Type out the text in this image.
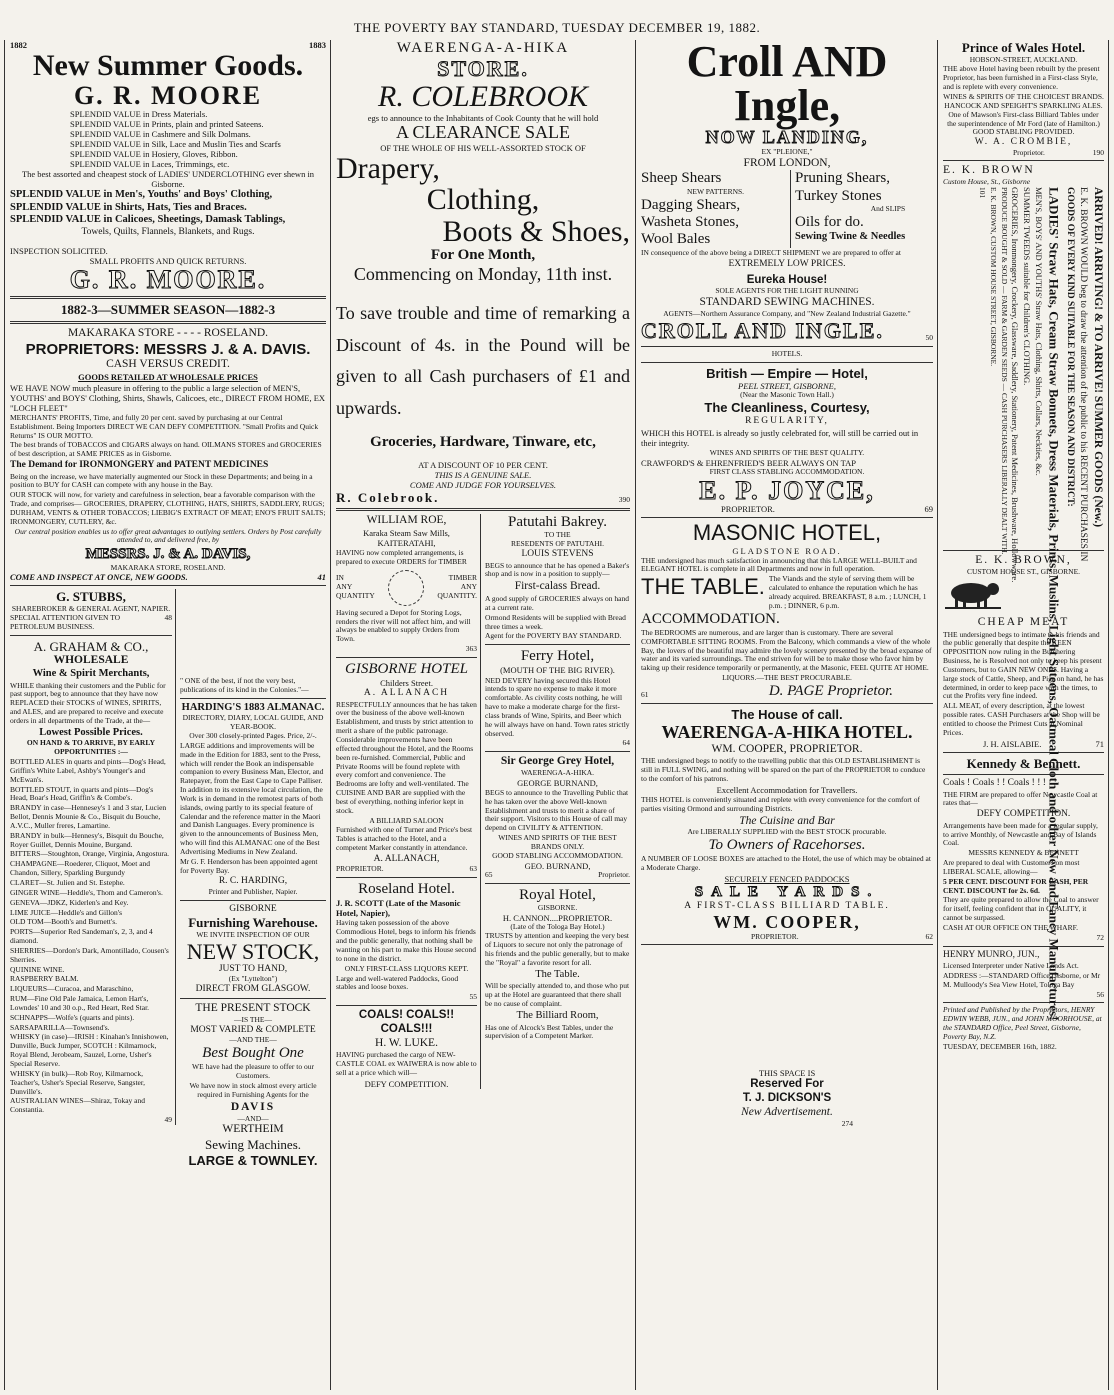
THE POVERTY BAY STANDARD, TUESDAY DECEMBER 19, 1882.
1882	1883
New Summer Goods.
G. R. MOORE
SPLENDID VALUE in Dress Materials.
SPLENDID VALUE in Prints, plain and printed Sateens.
SPLENDID VALUE in Cashmere and Silk Dolmans.
SPLENDID VALUE in Silk, Lace and Muslin Ties and Scarfs
SPLENDID VALUE in Hosiery, Gloves, Ribbon.
SPLENDID VALUE in Laces, Trimmings, etc.
The best assorted and cheapest stock of LADIES' UNDERCLOTHING ever shewn in Gisborne.
SPLENDID VALUE in Men's, Youths' and Boys' Clothing,
SPLENDID VALUE in Shirts, Hats, Ties and Braces.
SPLENDID VALUE in Calicoes, Sheetings, Damask Tablings,
Towels, Quilts, Flannels, Blankets, and Rugs.
INSPECTION SOLICITED.
SMALL PROFITS AND QUICK RETURNS.
G. R. MOORE.
1882-3—SUMMER SEASON—1882-3
MAKARAKA STORE - - - - ROSELAND.
PROPRIETORS: MESSRS J. & A. DAVIS.
CASH VERSUS CREDIT.
GOODS RETAILED AT WHOLESALE PRICES
WE HAVE NOW much pleasure in offering to the public a large selection of MEN'S, YOUTHS' and BOYS' Clothing, Shirts, Shawls, Calicoes, etc., DIRECT FROM HOME, EX "LOCH FLEET"
MERCHANTS' PROFITS, Time, and fully 20 per cent. saved by purchasing at our Central Establishment. Being Importers DIRECT WE CAN DEFY COMPETITION. "Small Profits and Quick Returns" IS OUR MOTTO.
The best brands of TOBACCOS and CIGARS always on hand. OILMANS STORES and GROCERIES of best description, at SAME PRICES as in Gisborne.
The Demand for IRONMONGERY and PATENT MEDICINES
Being on the increase, we have materially augmented our Stock in these Departments; and being in a position to BUY for CASH can compete with any house in the Bay.
OUR STOCK will now, for variety and carefulness in selection, bear a favorable comparison with the Trade, and comprises— GROCERIES, DRAPERY, CLOTHING, HATS, SHIRTS, SADDLERY, RUGS; DURHAM, VENTS & OTHER TOBACCOS; LIEBIG'S EXTRACT OF MEAT; ENO'S FRUIT SALTS; IRONMONGERY, CUTLERY, &c.
Our central position enables us to offer great advantages to outlying settlers. Orders by Post carefully attended to, and delivered free, by
MESSRS. J. & A. DAVIS,
MAKARAKA STORE, ROSELAND.
COME AND INSPECT AT ONCE, NEW GOODS.	41
G. STUBBS,
SHAREBROKER & GENERAL AGENT, NAPIER.
SPECIAL ATTENTION GIVEN TO PETROLEUM BUSINESS.
48
A. GRAHAM & CO.,
WHOLESALE
Wine & Spirit Merchants,
WHILE thanking their customers and the Public for past support, beg to announce that they have now REPLACED their STOCKS of WINES, SPIRITS, and ALES, and are prepared to receive and execute orders in all departments of the Trade, at the—
Lowest Possible Prices.
ON HAND & TO ARRIVE, BY EARLY OPPORTUNITIES :—
BOTTLED ALES in quarts and pints—Dog's Head, Griffin's White Label, Ashby's Younger's and McEwan's.
BOTTLED STOUT, in quarts and pints—Dog's Head, Boar's Head, Griffin's & Combe's.
BRANDY in case—Hennesey's 1 and 3 star, Lucien Bellot, Dennis Mounie & Co., Bisquit du Bouche, A.V.C., Muller freres, Lamartine.
BRANDY in bulk—Hennesy's, Bisquit du Bouche, Royer Guillet, Dennis Mouine, Burgand.
BITTERS—Stoughton, Orange, Virginia, Angostura.
CHAMPAGNE—Roederer, Cliquot, Moet and Chandon, Sillery, Sparkling Burgundy
CLARET—St. Julien and St. Estephe.
GINGER WINE—Heddle's, Thom and Cameron's.
GENEVA—JDKZ, Kiderlen's and Key.
LIME JUICE—Heddle's and Gillon's
OLD TOM—Booth's and Burnett's.
PORTS—Superior Red Sandeman's, 2, 3, and 4 diamond.
SHERRIES—Dordon's Dark, Amontillado, Cousen's Sherries.
QUININE WINE.
RASPBERRY BALM.
LIQUEURS—Curacoa, and Maraschino,
RUM—Fine Old Pale Jamaica, Lemon Hart's, Lowndes' 10 and 30 o.p., Red Heart, Red Star.
SCHNAPPS—Wolfe's (quarts and pints).
SARSAPARILLA—Townsend's.
WHISKY (in case)—IRISH : Kinahan's Innishowen, Dunville, Buck Jumper, SCOTCH : Kilmarnock, Royal Blend, Jerobeam, Sauzel, Lorne, Usher's Special Reserve.
WHISKY (in bulk)—Rob Roy, Kilmarnock, Teacher's, Usher's Special Reserve, Sangster, Dunville's.
AUSTRALIAN WINES—Shiraz, Tokay and Constantia.
49
" ONE of the best, if not the very best, publications of its kind in the Colonies."—
HARDING'S 1883 ALMANAC.
DIRECTORY, DIARY, LOCAL GUIDE, AND YEAR-BOOK.
Over 300 closely-printed Pages. Price, 2/-.
LARGE additions and improvements will be made in the Edition for 1883, sent to the Press, which will render the Book an indispensable companion to every Business Man, Elector, and Ratepayer, from the East Cape to Cape Palliser. In addition to its extensive local circulation, the Work is in demand in the remotest parts of both islands, owing partly to its special feature of Calendar and the reference matter in the Maori and Danish Languages. Every prominence is given to the announcements of Business Men, who will find this ALMANAC one of the Best Advertising Mediums in New Zealand.
Mr G. F. Henderson has been appointed agent for Poverty Bay.
R. C. HARDING,
Printer and Publisher, Napier.
GISBORNE
Furnishing Warehouse.
WE INVITE INSPECTION OF OUR
NEW STOCK,
JUST TO HAND,
(Ex "Lyttelton")
DIRECT FROM GLASGOW.
THE PRESENT STOCK
—IS THE—
MOST VARIED & COMPLETE
—AND THE—
Best Bought One
WE have had the pleasure to offer to our Customers.
We have now in stock almost every article required in Furnishing Agents for the
DAVIS
—AND—
WERTHEIM
Sewing Machines.
LARGE & TOWNLEY.
WAERENGA-A-HIKA
STORE.
R. COLEBROOK
egs to announce to the Inhabitants of Cook County that he will hold
A CLEARANCE SALE
OF THE WHOLE OF HIS WELL-ASSORTED STOCK OF
Drapery,
Clothing,
Boots & Shoes,
For One Month,
Commencing on Monday, 11th inst.
To save trouble and time of remarking a Discount of 4s. in the Pound will be given to all Cash purchasers of £1 and upwards.
Groceries, Hardware, Tinware, etc,
AT A DISCOUNT OF 10 PER CENT.
THIS IS A GENUINE SALE.
COME AND JUDGE FOR YOURSELVES.
R. Colebrook.	390
WILLIAM ROE,
Karaka Steam Saw Mills, KAITERATAHI,
HAVING now completed arrangements, is prepared to execute ORDERS for TIMBER
IN
ANY
QUANTITY
TIMBER
ANY
QUANTITY.
Having secured a Depot for Storing Logs, renders the river will not affect him, and will always be enabled to supply Orders from Town.
363
GISBORNE HOTEL
Childers Street.
A. ALLANACH
RESPECTFULLY announces that he has taken over the business of the above well-known Establishment, and trusts by strict attention to merit a share of the public patronage. Considerable improvements have been effected throughout the Hotel, and the Rooms been re-furnished. Commercial, Public and Private Rooms will be found replete with every comfort and convenience. The Bedrooms are lofty and well-ventilated. The CUISINE AND BAR are supplied with the best of everything, nothing inferior kept in stock.
A BILLIARD SALOON
Furnished with one of Turner and Price's best Tables is attached to the Hotel, and a competent Marker constantly in attendance.
A. ALLANACH,
PROPRIETOR.	63
Roseland Hotel.
J. R. SCOTT (Late of the Masonic Hotel, Napier),
Having taken possession of the above Commodious Hotel, begs to inform his friends and the public generally, that nothing shall be wanting on his part to make this House second to none in the district.
ONLY FIRST-CLASS LIQUORS KEPT.
Large and well-watered Paddocks, Good stables and loose boxes.
55
COALS! COALS!! COALS!!!
H. W. LUKE.
HAVING purchased the cargo of NEW-CASTLE COAL ex WAIWERA is now able to sell at a price which will—
DEFY COMPETITION.
Patutahi Bakrey.
TO THE
RESEDENTS OF PATUTAHI.
LOUIS STEVENS
BEGS to announce that he has opened a Baker's shop and is now in a position to supply—
First-calass Bread.
A good supply of GROCERIES always on hand at a current rate.
Ormond Residents will be supplied with Bread three times a week.
Agent for the POVERTY BAY STANDARD.
Ferry Hotel,
(MOUTH OF THE BIG RIVER).
NED DEVERY having secured this Hotel intends to spare no expense to make it more comfortable. As civility costs nothing, he will have to make a moderate charge for the first-class brands of Wine, Spirits, and Beer which he will always have on hand. Town rates strictly observed.
64
Sir George Grey Hotel,
WAERENGA-A-HIKA.
GEORGE BURNAND,
BEGS to announce to the Travelling Public that he has taken over the above Well-known Establishment and trusts to merit a share of their support. Visitors to this House of call may depend on CIVILITY & ATTENTION.
WINES AND SPIRITS OF THE BEST BRANDS ONLY.
GOOD STABLING ACCOMMODATION.
GEO. BURNAND,
65	Proprietor.
Royal Hotel,
GISBORNE.
H. CANNON....PROPRIETOR.
(Late of the Tologa Bay Hotel.)
TRUSTS by attention and keeping the very best of Liquors to secure not only the patronage of his friends and the public generally, but to make the "Royal" a favorite resort for all.
The Table.
Will be specially attended to, and those who put up at the Hotel are guaranteed that there shall be no cause of complaint.
The Billiard Room,
Has one of Alcock's Best Tables, under the supervision of a Competent Marker.
Croll AND Ingle,
NOW LANDING,
EX "PLEIONE,"
FROM LONDON,
Sheep Shears
NEW PATTERNS.
Dagging Shears,
Washeta Stones,
Wool Bales
Pruning Shears,
Turkey Stones
And SLIPS
Oils for do.
Sewing Twine & Needles
IN consequence of the above being a DIRECT SHIPMENT we are prepared to offer at
EXTREMELY LOW PRICES.
Eureka House!
SOLE AGENTS FOR THE LIGHT RUNNING
STANDARD SEWING MACHINES.
AGENTS—Northern Assurance Company, and "New Zealand Industrial Gazette."
CROLL AND INGLE.	50
HOTELS.
British — Empire — Hotel,
PEEL STREET, GISBORNE,
(Near the Masonic Town Hall.)
The Cleanliness, Courtesy,
REGULARITY,
WHICH this HOTEL is already so justly celebrated for, will still be carried out in their integrity.
WINES AND SPIRITS OF THE BEST QUALITY.
CRAWFORD'S & EHRENFRIED'S BEER ALWAYS ON TAP
FIRST CLASS STABLING ACCOMMODATION.
E. P. JOYCE,
PROPRIETOR.	69
MASONIC HOTEL,
GLADSTONE ROAD.
THE undersigned has much satisfaction in announcing that this LARGE WELL-BUILT and ELEGANT HOTEL is complete in all Departments and now in full operation.
THE TABLE. The Viands and the style of serving them will be calculated to enhance the reputation which he has already acquired. BREAKFAST, 8 a.m. ; LUNCH, 1 p.m. ; DINNER, 6 p.m.
ACCOMMODATION.
The BEDROOMS are numerous, and are larger than is customary. There are several COMFORTABLE SITTING ROOMS. From the Balcony, which commands a view of the whole Bay, the lovers of the beautiful may admire the lovely scenery presented by the broad expanse of water and its varied surroundings. The end striven for will be to make those who favor him by taking up their residence temporarily or permanently, at the Masonic, FEEL QUITE AT HOME.
LIQUORS.—THE BEST PROCURABLE.
61	D. PAGE Proprietor.
The House of call.
WAERENGA-A-HIKA HOTEL.
WM. COOPER, PROPRIETOR.
THE undersigned begs to notify to the travelling public that this OLD ESTABLISHMENT is still in FULL SWING, and nothing will be spared on the part of the PROPRIETOR to conduce to the comfort of his patrons.
Excellent Accommodation for Travellers.
THIS HOTEL is conveniently situated and replete with every convenience for the comfort of parties visiting Ormond and surrounding Districts.
The Cuisine and Bar
Are LIBERALLY SUPPLIED with the BEST STOCK procurable.
To Owners of Racehorses.
A NUMBER OF LOOSE BOXES are attached to the Hotel, the use of which may be obtained at a Moderate Charge.
SECURELY FENCED PADDOCKS
SALE YARDS.
A FIRST-CLASS BILLIARD TABLE.
WM. COOPER,
PROPRIETOR.	62
THIS SPACE IS
Reserved For
T. J. DICKSON'S
New Advertisement.
274
Prince of Wales Hotel.
HOBSON-STREET, AUCKLAND.
THE above Hotel having been rebuilt by the present Proprietor, has been furnished in a First-class Style, and is replete with every convenience.
WINES & SPIRITS OF THE CHOICEST BRANDS.
HANCOCK AND SPEIGHT'S SPARKLING ALES.
One of Mawson's First-class Billiard Tables under the superintendence of Mr Ford (late of Hamilton.)
GOOD STABLING PROVIDED.
W. A. CROMBIE,
Proprietor.	190
E. K. BROWN
Custom House, St., Gisborne
ARRIVED! ARRIVING! & TO ARRIVE! SUMMER GOODS (New.)
E. K. BROWN WOULD beg to draw the attention of the public to his RECENT PURCHASES IN
GOODS OF EVERY KIND SUITABLE FOR THE SEASON AND DISTRICT:
LADIES' Straw Hats, Cream Straw Bonnets, Dress Materials, Prints, Muslins, Light Sateens, Oatmeal Cloth and other New and Fancy Manufactures!
MEN'S, BOYS' AND YOUTHS' Straw Hats, Clothing, Shirts, Collars, Neckties, &c.
SUMMER TWEEDS suitable for Children's CLOTHING.
GROCERIES, Ironmongery, Crockery, Glassware, Saddlery, Stationery, Patent Medicines, Brushware, Hollowware.
PRODUCE BOUGHT & SOLD — FARM & GARDEN SEEDS — CASH PURCHASERS LIBERALLY DEALT WITH.
E. K. BROWN, CUSTOM HOUSE STREET, GISBORNE.
101
E. K. BROWN,
CUSTOM HOUSE ST., GISBORNE.
CHEAP MEAT
THE undersigned begs to intimate to his friends and the public generally that despite the KEEN OPPOSITION now ruling in the Butchering Business, he is Resolved not only to keep his present Customers, but to GAIN NEW ONES. Having a large stock of Cattle, Sheep, and Pigs on hand, he has determined, in order to keep pace with the times, to cut the Profits very fine indeed.
ALL MEAT, of every description, at the lowest possible rates. CASH Purchasers at the Shop will be entitled to choose the Primest Cuts at Nominal Prices.
J. H. AISLABIE.	71
Kennedy & Bennett.
Coals ! Coals ! ! Coals ! ! !
THE FIRM are prepared to offer Newcastle Coal at rates that—
DEFY COMPETITION.
Arrangements have been made for a regular supply, to arrive Monthly, of Newcastle and Bay of Islands Coal.
MESSRS KENNEDY & BENNETT
Are prepared to deal with Customers on most LIBERAL SCALE, allowing—
5 PER CENT. DISCOUNT FOR CASH, PER CENT. DISCOUNT for 2s. 6d.
They are quite prepared to allow the Coal to answer for itself, feeling confident that in QUALITY, it cannot be surpassed.
CASH AT OUR OFFICE ON THE WHARF.
72
HENRY MUNRO, JUN.,
Licensed Interpreter under Native Lands Act.
ADDRESS :—STANDARD Office Gisborne, or Mr M. Mulloody's Sea View Hotel, Tologa Bay
56
Printed and Published by the Proprietors, HENRY EDWIN WEBB, JUN., and JOHN MOORHOUSE, at the STANDARD Office, Peel Street, Gisborne, Poverty Bay, N.Z.
TUESDAY, DECEMBER 16th, 1882.
